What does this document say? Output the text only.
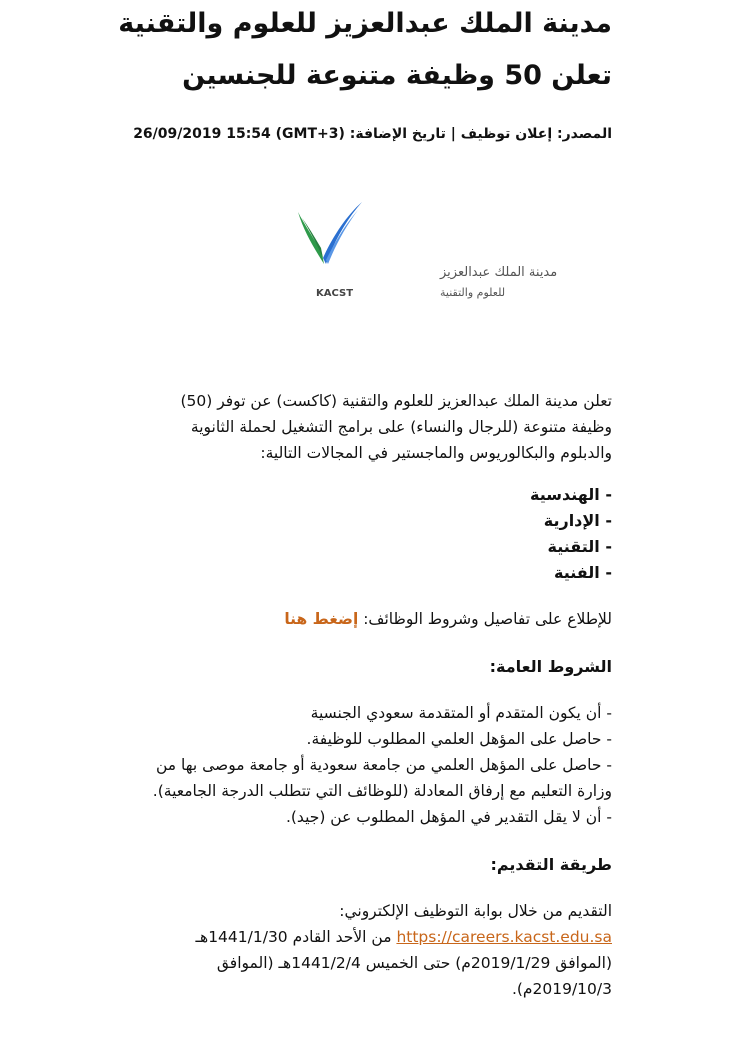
مدينة الملك عبدالعزيز للعلوم والتقنية
تعلن 50 وظيفة متنوعة للجنسين
المصدر: إعلان توظيف | تاريخ الإضافة: 26/09/2019 15:54 (GMT+3)
مدينة الملك عبدالعزيز
للعلوم والتقنية
KACST

تعلن مدينة الملك عبدالعزيز للعلوم والتقنية (كاكست) عن توفر (50) وظيفة متنوعة (للرجال والنساء) على برامج التشغيل لحملة الثانوية والدبلوم والبكالوريوس والماجستير في المجالات التالية:

- الهندسية

- الإدارية

- التقنية

- الفنية

للإطلاع على تفاصيل وشروط الوظائف: إضغط هنا

الشروط العامة:

- أن يكون المتقدم أو المتقدمة سعودي الجنسية

- حاصل على المؤهل العلمي المطلوب للوظيفة.

- حاصل على المؤهل العلمي من جامعة سعودية أو جامعة موصى بها من وزارة التعليم مع إرفاق المعادلة (للوظائف التي تتطلب الدرجة الجامعية).

- أن لا يقل التقدير في المؤهل المطلوب عن (جيد).

طريقة التقديم:

التقديم من خلال بوابة التوظيف الإلكتروني:

https://careers.kacst.edu.sa من الأحد القادم 1441/1/30هـ (الموافق 2019/1/29م) حتى الخميس 1441/2/4هـ (الموافق 2019/10/3م).
